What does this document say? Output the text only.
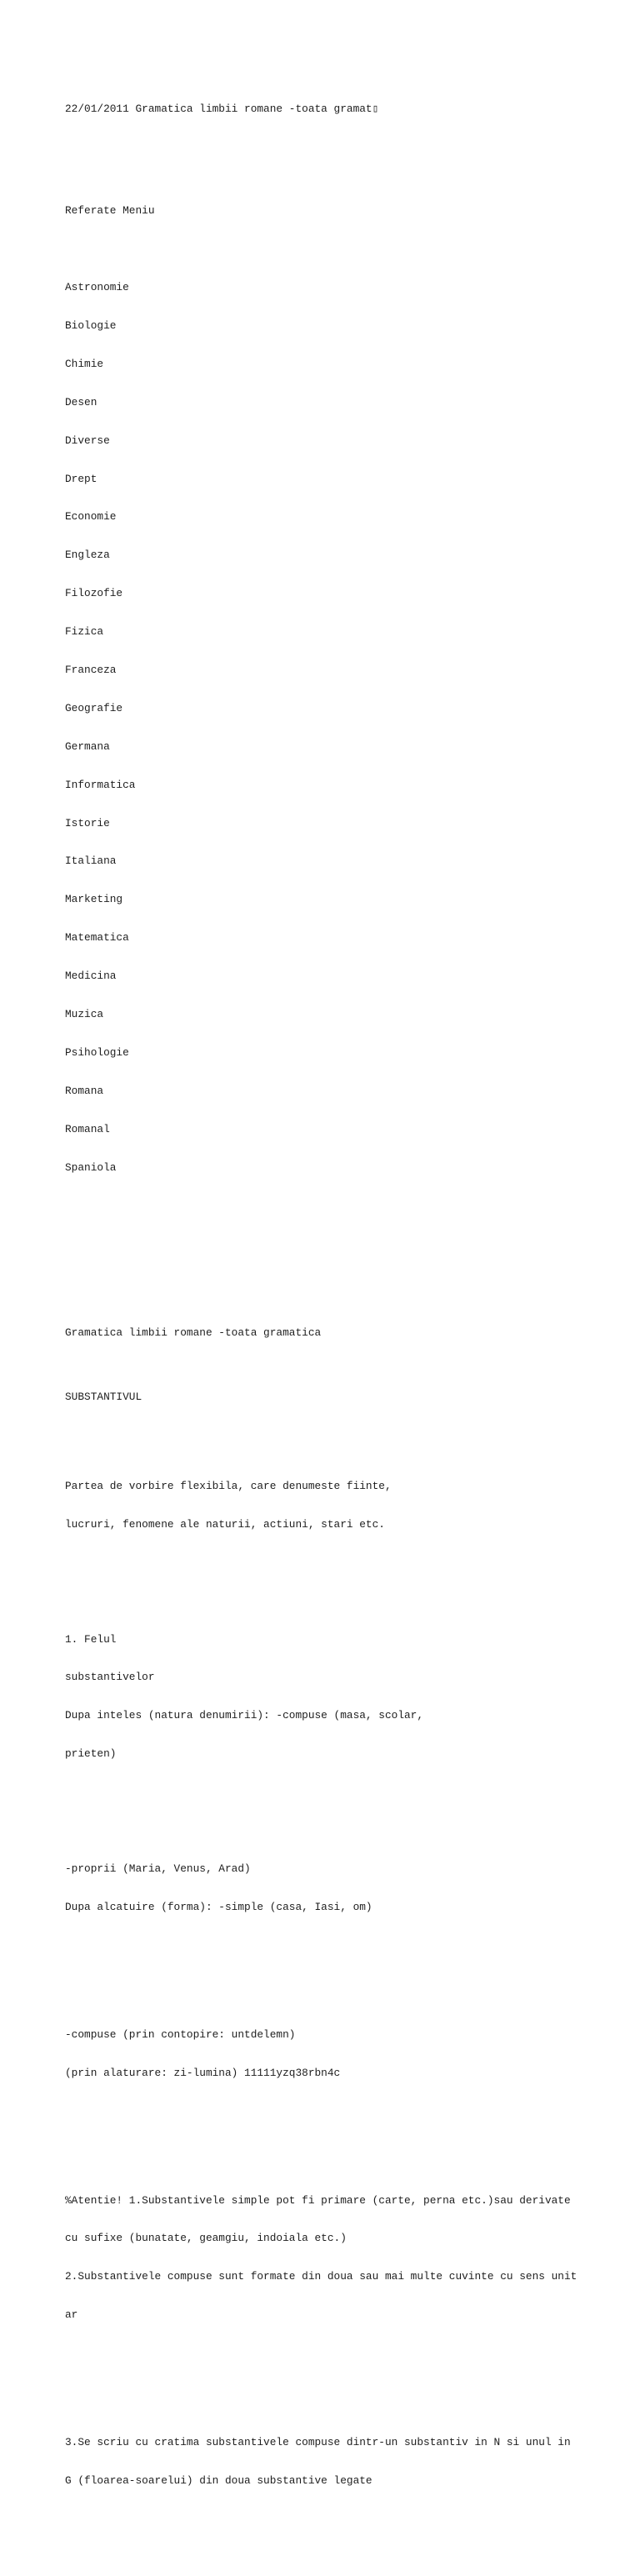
22/01/2011 Gramatica limbii romane -toata gramat▯

Referate Meniu

Astronomie

Biologie

Chimie

Desen

Diverse

Drept

Economie

Engleza

Filozofie

Fizica

Franceza

Geografie

Germana

Informatica

Istorie

Italiana

Marketing

Matematica

Medicina

Muzica

Psihologie

Romana

Romanal

Spaniola

Gramatica limbii romane -toata gramatica

SUBSTANTIVUL

Partea de vorbire flexibila, care denumeste fiinte,

lucruri, fenomene ale naturii, actiuni, stari etc.

1. Felul

substantivelor

Dupa inteles (natura denumirii): -compuse (masa, scolar,

prieten)

-proprii (Maria, Venus, Arad)

Dupa alcatuire (forma): -simple (casa, Iasi, om)

-compuse (prin contopire: untdelemn)

(prin alaturare: zi-lumina) 11111yzq38rbn4c

%Atentie! 1.Substantivele simple pot fi primare (carte, perna etc.)sau derivate

cu sufixe (bunatate, geamgiu, indoiala etc.)

2.Substantivele compuse sunt formate din doua sau mai multe cuvinte cu sens unit

ar

3.Se scriu cu cratima substantivele compuse dintr-un substantiv in N si unul in

G (floarea-soarelui) din doua substantive legate
